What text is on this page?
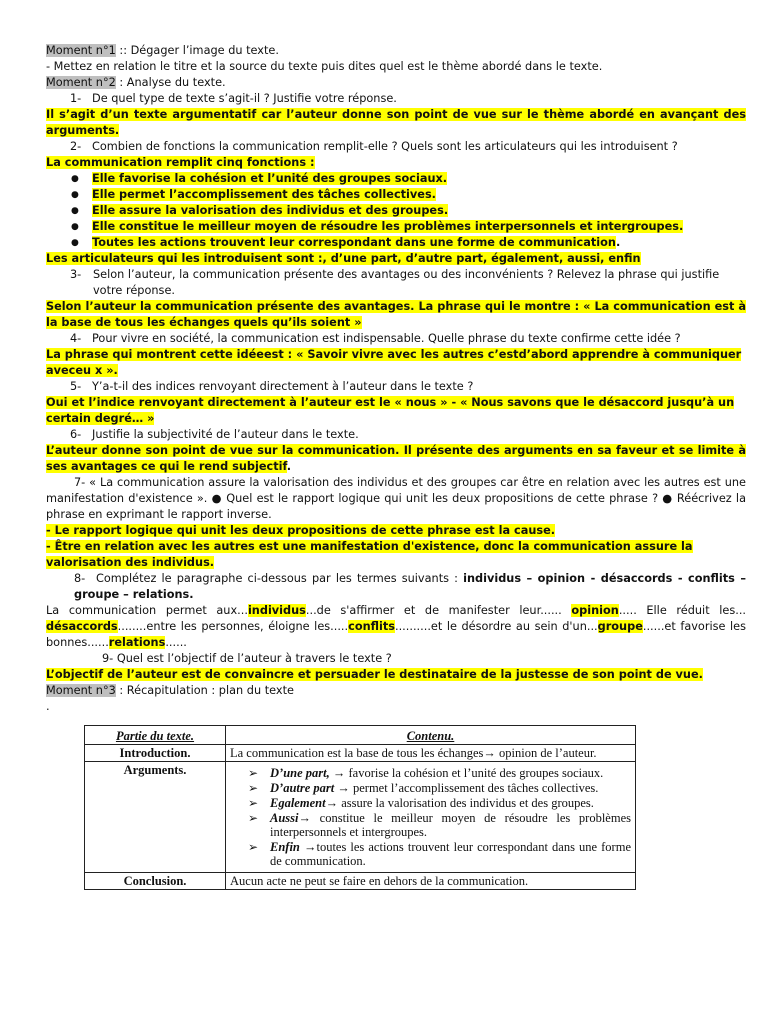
Moment n°1 :: Dégager l’image du texte.

- Mettez en relation le titre et la source du texte puis dites quel est le thème abordé dans le texte.

Moment n°2 : Analyse du texte.

1- De quel type de texte s’agit-il ? Justifie votre réponse.

Il s’agit d’un texte argumentatif car l’auteur donne son point de vue sur le thème abordé en avançant des arguments.

2- Combien de fonctions la communication remplit-elle ? Quels sont les articulateurs qui les introduisent ?

La communication remplit cinq fonctions :

● Elle favorise la cohésion et l’unité des groupes sociaux.
● Elle permet l’accomplissement des tâches collectives.
● Elle assure la valorisation des individus et des groupes.
● Elle constitue le meilleur moyen de résoudre les problèmes interpersonnels et intergroupes.
● Toutes les actions trouvent leur correspondant dans une forme de communication.

Les articulateurs qui les introduisent sont :, d’une part, d’autre part, également, aussi, enfin

3- Selon l’auteur, la communication présente des avantages ou des inconvénients ? Relevez la phrase qui justifie votre réponse.

Selon l’auteur la communication présente des avantages. La phrase qui le montre : « La communication est à la base de tous les échanges quels qu’ils soient »

4- Pour vivre en société, la communication est indispensable. Quelle phrase du texte confirme cette idée ?

La phrase qui montrent cette idéeest : « Savoir vivre avec les autres c’estd’abord apprendre à communiquer aveceu x ».

5- Y’a-t-il des indices renvoyant directement à l’auteur dans le texte ?

Oui et l’indice renvoyant directement à l’auteur est le « nous » - « Nous savons que le désaccord jusqu’à un certain degré… »

6- Justifie la subjectivité de l’auteur dans le texte.

L’auteur donne son point de vue sur la communication. Il présente des arguments en sa faveur et se limite à ses avantages ce qui le rend subjectif.

7- « La communication assure la valorisation des individus et des groupes car être en relation avec les autres est une manifestation d'existence ». ● Quel est le rapport logique qui unit les deux propositions de cette phrase ? ● Réécrivez la phrase en exprimant le rapport inverse.

- Le rapport logique qui unit les deux propositions de cette phrase est la cause.

- Être en relation avec les autres est une manifestation d'existence, donc la communication assure la valorisation des individus.

8- Complétez le paragraphe ci-dessous par les termes suivants : individus – opinion - désaccords - conflits – groupe – relations.

La communication permet aux...individus...de s'affirmer et de manifester leur...... opinion..... Elle réduit les... désaccords........entre les personnes, éloigne les.....conflits..........et le désordre au sein d'un...groupe......et favorise les bonnes......relations......

9- Quel est l’objectif de l’auteur à travers le texte ?

L’objectif de l’auteur est de convaincre et persuader le destinataire de la justesse de son point de vue.

Moment n°3 : Récapitulation : plan du texte

.

Partie du texte.	Contenu.
Introduction.	La communication est la base de tous les échanges→ opinion de l’auteur.
Arguments.	➢ D’une part, → favorise la cohésion et l’unité des groupes sociaux.
➢ D’autre part → permet l’accomplissement des tâches collectives.
➢ Egalement→ assure la valorisation des individus et des groupes.
➢ Aussi→ constitue le meilleur moyen de résoudre les problèmes interpersonnels et intergroupes.
➢ Enfin →toutes les actions trouvent leur correspondant dans une forme de communication.

Conclusion.	Aucun acte ne peut se faire en dehors de la communication.
